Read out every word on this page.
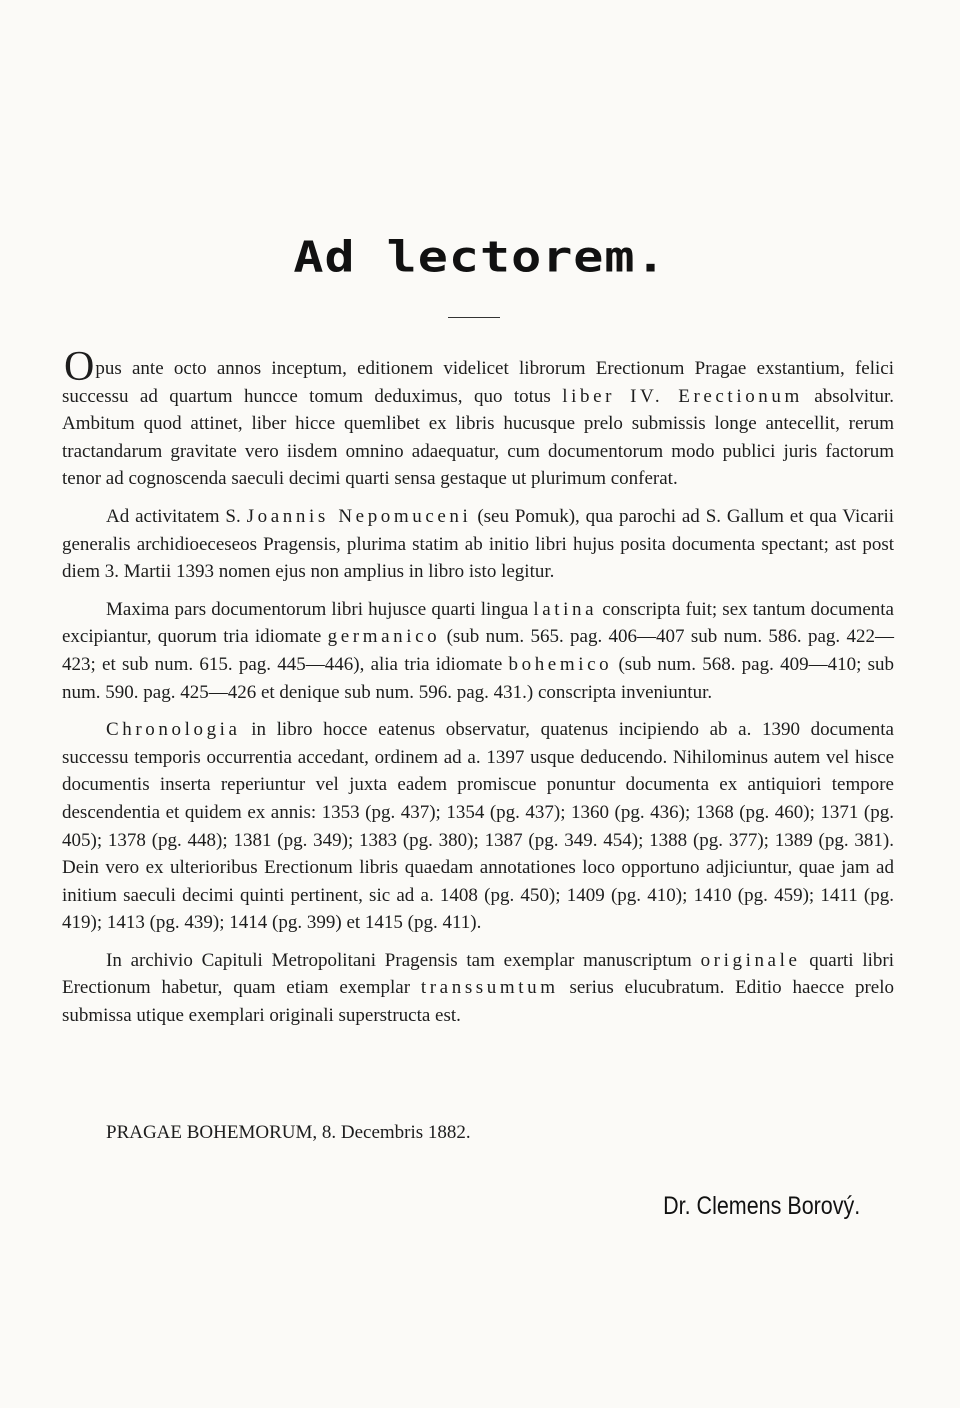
Ad lectorem.

Opus ante octo annos inceptum, editionem videlicet librorum Erectionum Pragae exstantium, felici successu ad quartum huncce tomum deduximus, quo totus liber IV. Erectionum absolvitur. Ambitum quod attinet, liber hicce quemlibet ex libris hucusque prelo submissis longe antecellit, rerum tractandarum gravitate vero iisdem omnino adaequatur, cum documentorum modo publici juris factorum tenor ad cognoscenda saeculi decimi quarti sensa gestaque ut plurimum conferat.

Ad activitatem S. Joannis Nepomuceni (seu Pomuk), qua parochi ad S. Gallum et qua Vicarii generalis archidioeceseos Pragensis, plurima statim ab initio libri hujus posita documenta spectant; ast post diem 3. Martii 1393 nomen ejus non amplius in libro isto legitur.

Maxima pars documentorum libri hujusce quarti lingua latina conscripta fuit; sex tantum documenta excipiantur, quorum tria idiomate germanico (sub num. 565. pag. 406—407 sub num. 586. pag. 422—423; et sub num. 615. pag. 445—446), alia tria idiomate bohemico (sub num. 568. pag. 409—410; sub num. 590. pag. 425—426 et denique sub num. 596. pag. 431.) conscripta inveniuntur.

Chronologia in libro hocce eatenus observatur, quatenus incipiendo ab a. 1390 documenta successu temporis occurrentia accedant, ordinem ad a. 1397 usque deducendo. Nihilominus autem vel hisce documentis inserta reperiuntur vel juxta eadem promiscue ponuntur documenta ex antiquiori tempore descendentia et quidem ex annis: 1353 (pg. 437); 1354 (pg. 437); 1360 (pg. 436); 1368 (pg. 460); 1371 (pg. 405); 1378 (pg. 448); 1381 (pg. 349); 1383 (pg. 380); 1387 (pg. 349. 454); 1388 (pg. 377); 1389 (pg. 381). Dein vero ex ulterioribus Erectionum libris quaedam annotationes loco opportuno adjiciuntur, quae jam ad initium saeculi decimi quinti pertinent, sic ad a. 1408 (pg. 450); 1409 (pg. 410); 1410 (pg. 459); 1411 (pg. 419); 1413 (pg. 439); 1414 (pg. 399) et 1415 (pg. 411).

In archivio Capituli Metropolitani Pragensis tam exemplar manuscriptum originale quarti libri Erectionum habetur, quam etiam exemplar transsumtum serius elucubratum. Editio haecce prelo submissa utique exemplari originali superstructa est.

PRAGAE BOHEMORUM, 8. Decembris 1882.
Dr. Clemens Borový.
